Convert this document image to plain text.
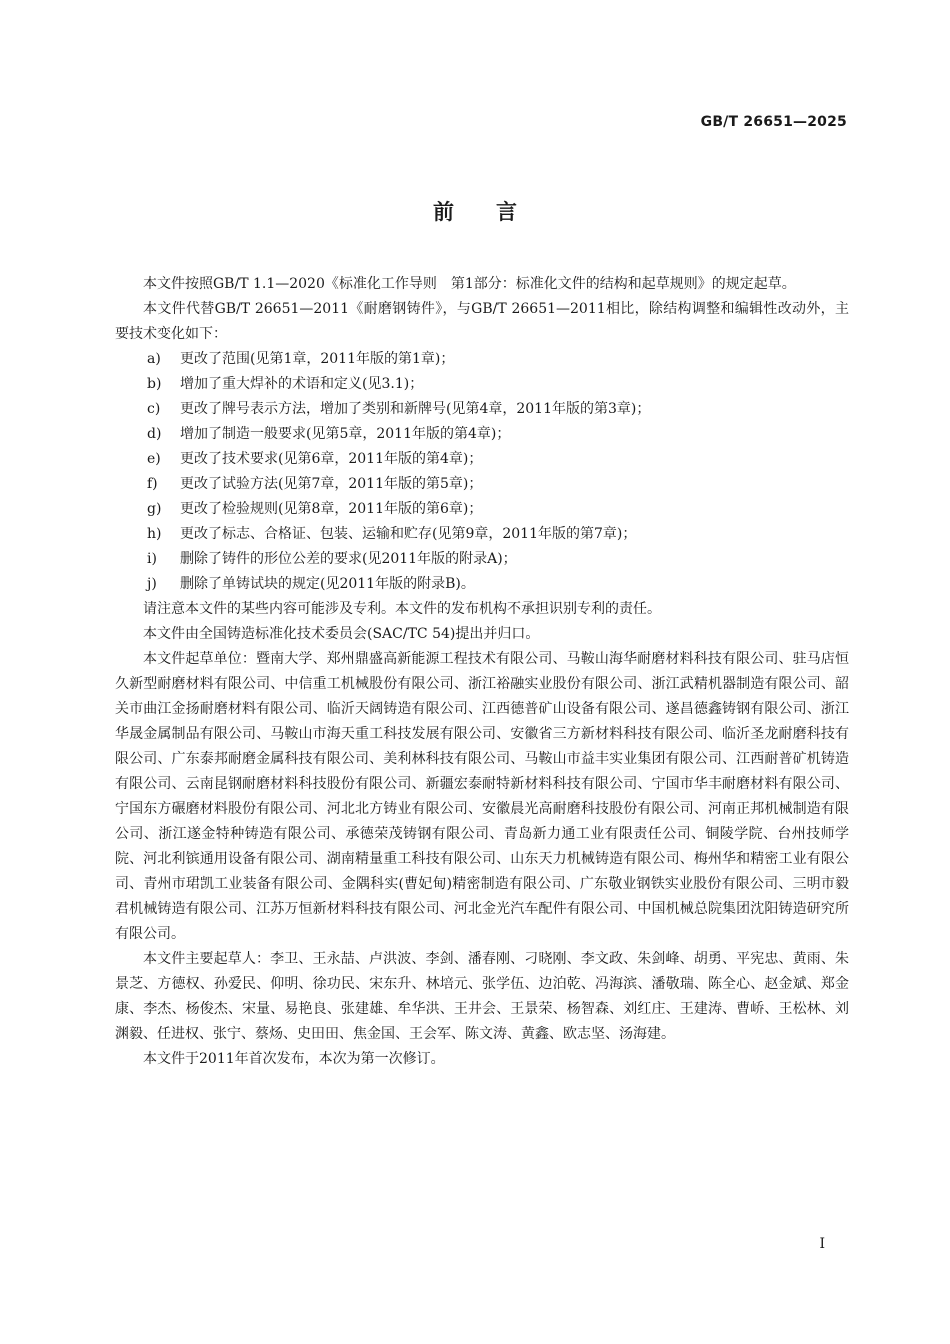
GB/T 26651—2025
前言

本文件按照GB/T 1.1—2020《标准化工作导则　第1部分：标准化文件的结构和起草规则》的规定起草。

本文件代替GB/T 26651—2011《耐磨钢铸件》，与GB/T 26651—2011相比，除结构调整和编辑性改动外，主要技术变化如下：

a)	更改了范围(见第1章，2011年版的第1章)；
b)	增加了重大焊补的术语和定义(见3.1)；
c)	更改了牌号表示方法，增加了类别和新牌号(见第4章，2011年版的第3章)；
d)	增加了制造一般要求(见第5章，2011年版的第4章)；
e)	更改了技术要求(见第6章，2011年版的第4章)；
f)	更改了试验方法(见第7章，2011年版的第5章)；
g)	更改了检验规则(见第8章，2011年版的第6章)；
h)	更改了标志、合格证、包装、运输和贮存(见第9章，2011年版的第7章)；
i)	删除了铸件的形位公差的要求(见2011年版的附录A)；
j)	删除了单铸试块的规定(见2011年版的附录B)。

请注意本文件的某些内容可能涉及专利。本文件的发布机构不承担识别专利的责任。

本文件由全国铸造标准化技术委员会(SAC/TC 54)提出并归口。

本文件起草单位：暨南大学、郑州鼎盛高新能源工程技术有限公司、马鞍山海华耐磨材料科技有限公司、驻马店恒久新型耐磨材料有限公司、中信重工机械股份有限公司、浙江裕融实业股份有限公司、浙江武精机器制造有限公司、韶关市曲江金扬耐磨材料有限公司、临沂天阔铸造有限公司、江西德普矿山设备有限公司、遂昌德鑫铸钢有限公司、浙江华晟金属制品有限公司、马鞍山市海天重工科技发展有限公司、安徽省三方新材料科技有限公司、临沂圣龙耐磨科技有限公司、广东泰邦耐磨金属科技有限公司、美利林科技有限公司、马鞍山市益丰实业集团有限公司、江西耐普矿机铸造有限公司、云南昆钢耐磨材料科技股份有限公司、新疆宏泰耐特新材料科技有限公司、宁国市华丰耐磨材料有限公司、宁国东方碾磨材料股份有限公司、河北北方铸业有限公司、安徽晨光高耐磨科技股份有限公司、河南正邦机械制造有限公司、浙江遂金特种铸造有限公司、承德荣茂铸钢有限公司、青岛新力通工业有限责任公司、铜陵学院、台州技师学院、河北利镔通用设备有限公司、湖南精量重工科技有限公司、山东天力机械铸造有限公司、梅州华和精密工业有限公司、青州市珺凯工业装备有限公司、金隅科实(曹妃甸)精密制造有限公司、广东敬业钢铁实业股份有限公司、三明市毅君机械铸造有限公司、江苏万恒新材料科技有限公司、河北金光汽车配件有限公司、中国机械总院集团沈阳铸造研究所有限公司。

本文件主要起草人：李卫、王永喆、卢洪波、李剑、潘春刚、刁晓刚、李文政、朱剑峰、胡勇、平宪忠、黄雨、朱景芝、方德权、孙爱民、仰明、徐功民、宋东升、林培元、张学伍、边泊乾、冯海滨、潘敬瑞、陈全心、赵金斌、郑金康、李杰、杨俊杰、宋量、易艳良、张建雄、牟华洪、王井会、王景荣、杨智森、刘红庄、王建涛、曹峤、王松林、刘渊毅、任进权、张宁、蔡炀、史田田、焦金国、王会军、陈文涛、黄鑫、欧志坚、汤海建。

本文件于2011年首次发布，本次为第一次修订。

I
